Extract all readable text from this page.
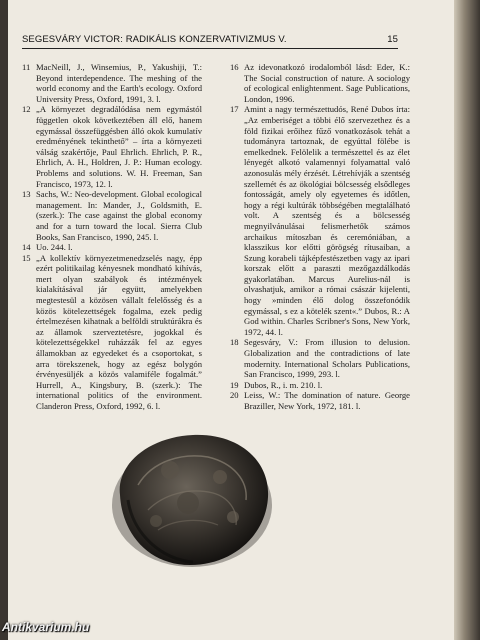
SEGESVÁRY VICTOR: RADIKÁLIS KONZERVATIVIZMUS V.	15
11 MacNeill, J., Winsemius, P., Yakushiji, T.: Beyond interdependence. The meshing of the world economy and the Earth's ecology. Oxford University Press, Oxford, 1991, 3. l.
12 „A környezet degradálódása nem egymástól független okok következtében áll elő, hanem egymással összefüggésben álló okok kumulatív eredményének tekinthető” – írta a környezeti válság szakértője, Paul Ehrlich. Ehrlich, P. R., Ehrlich, A. H., Holdren, J. P.: Human ecology. Problems and solutions. W. H. Freeman, San Francisco, 1973, 12. l.
13 Sachs, W.: Neo-development. Global ecological management. In: Mander, J., Goldsmith, E. (szerk.): The case against the global economy and for a turn toward the local. Sierra Club Books, San Francisco, 1990, 245. l.
14 Uo. 244. l.
15 „A kollektív környezetmenedzselés nagy, épp ezért politikailag kényesnek mondható kihívás, mert olyan szabályok és intézmények kialakításával jár együtt, amelyekben megtestesül a közösen vállalt felelősség és a közös kötelezettségek fogalma, ezek pedig értelmezésen kihatnak a belföldi struktúrákra és az államok szerveztetésre, jogokkal és kötelezettségekkel ruházzák fel az egyes államokban az egyedeket és a csoportokat, s arra törekszenek, hogy az egész bolygón érvényesüljék a közös valamiféle fogalmát.” Hurrell, A., Kingsbury, B. (szerk.): The international politics of the environment. Clanderon Press, Oxford, 1992, 6. l.
16 Az idevonatkozó irodalomból lásd: Eder, K.: The Social construction of nature. A sociology of ecological enlightenment. Sage Publications, London, 1996.
17 Amint a nagy természettudós, René Dubos írta: „Az emberiséget a többi élő szervezethez és a föld fizikai erőihez fűző vonatkozások tehát a tudományra tartoznak, de egyúttal fölébe is emelkednek. Felölelik a természettel és az élet lényegét alkotó valamennyi folyamattal való azonosulás mély érzését. Létrehívják a szentség szellemét és az ökológiai bölcsesség elsődleges fontosságát, amely oly egyetemes és időtlen, hogy a régi kultúrák többségében megtalálható volt. A szentség és a bölcsesség megnyilvánulásai felismerhetők számos archaikus mítoszban és ceremóniában, a klasszikus kor előtti görögség rítusaiban, a Szung korabeli tájképfestészetben vagy az ipari korszak előtt a paraszti mezőgazdálkodás gyakorlatában. Marcus Aurelius-nál is olvashatjuk, amikor a római császár kijelenti, hogy »minden élő dolog összefonódik egymással, s ez a kötelék szent«.” Dubos, R.: A God within. Charles Scribner's Sons, New York, 1972, 44. l.
18 Segesváry, V.: From illusion to delusion. Globalization and the contradictions of late modernity. International Scholars Publications, San Francisco, 1999, 293. l.
19 Dubos, R., i. m. 210. l.
20 Leiss, W.: The domination of nature. George Braziller, New York, 1972, 181. l.
Antikvarium.hu
